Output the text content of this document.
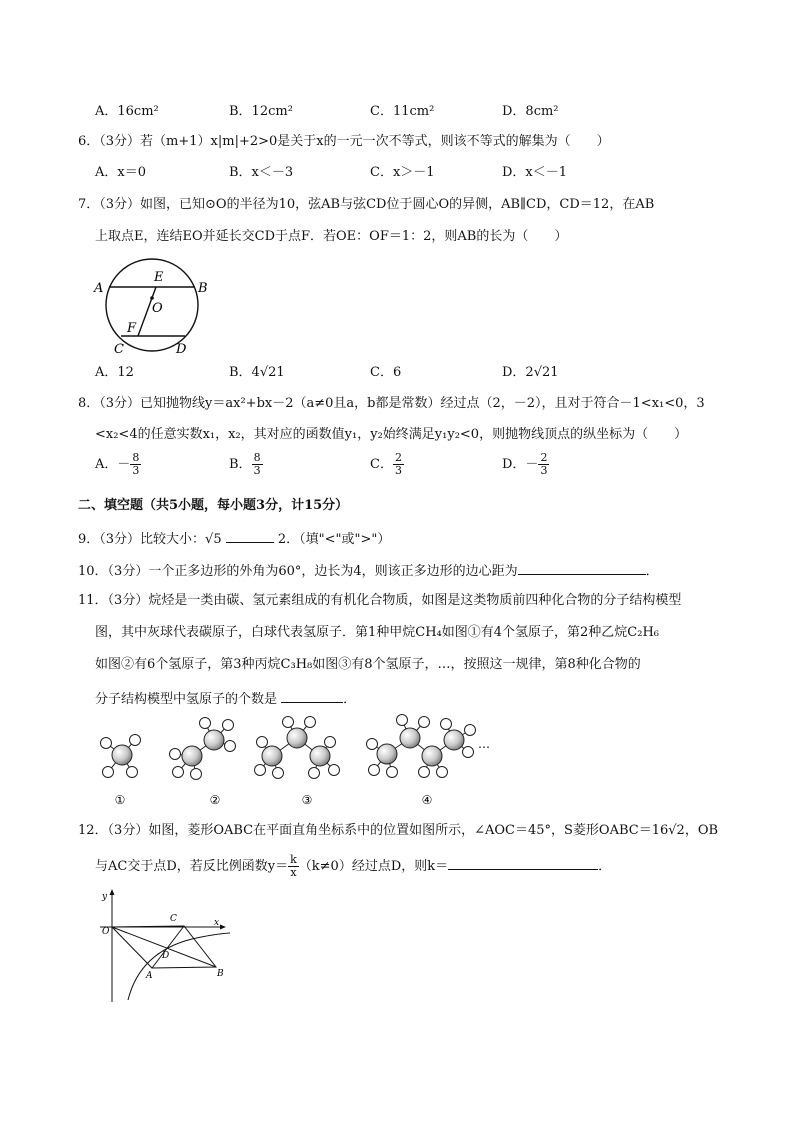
A．16cm²	B．12cm²	C．11cm²	D．8cm²
6．（3分）若（m+1）x|m|+2>0是关于x的一元一次不等式，则该不等式的解集为（　　）
A．x＝0	B．x＜－3	C．x＞－1	D．x＜－1
7．（3分）如图，已知⊙O的半径为10，弦AB与弦CD位于圆心O的异侧，AB∥CD，CD＝12，在AB
上取点E，连结EO并延长交CD于点F．若OE：OF＝1：2，则AB的长为（　　）
A
E
B
O
F
C	D
A．12	B．4√21	C．6	D．2√21
8．（3分）已知抛物线y＝ax²+bx－2（a≠0且a，b都是常数）经过点（2，－2），且对于符合－1<x₁<0，3
<x₂<4的任意实数x₁，x₂，其对应的函数值y₁，y₂始终满足y₁y₂<0，则抛物线顶点的纵坐标为（　　）
A．－ $\frac{8}{3}$	B． $\frac{8}{3}$	C． $\frac{2}{3}$	D．－ $\frac{2}{3}$
二、填空题（共5小题，每小题3分，计15分）
9．（3分）比较大小：√5	2．（填"<"或">"）
10．（3分）一个正多边形的外角为60°，边长为4，则该正多边形的边心距为	．
11．（3分）烷烃是一类由碳、氢元素组成的有机化合物质，如图是这类物质前四种化合物的分子结构模型
图，其中灰球代表碳原子，白球代表氢原子．第1种甲烷CH₄如图①有4个氢原子，第2种乙烷C₂H₆
如图②有6个氢原子，第3种丙烷C₃H₈如图③有8个氢原子，…，按照这一规律，第8种化合物的
分子结构模型中氢原子的个数是	．
…
①	②	③	④
12．（3分）如图，菱形OABC在平面直角坐标系中的位置如图所示，∠AOC＝45°，S菱形OABC＝16√2，OB
与AC交于点D，若反比例函数$y= \frac{k}{x} (k\ne 0)$经过点D，则k＝	．
y
x
O
C
D
A	B
